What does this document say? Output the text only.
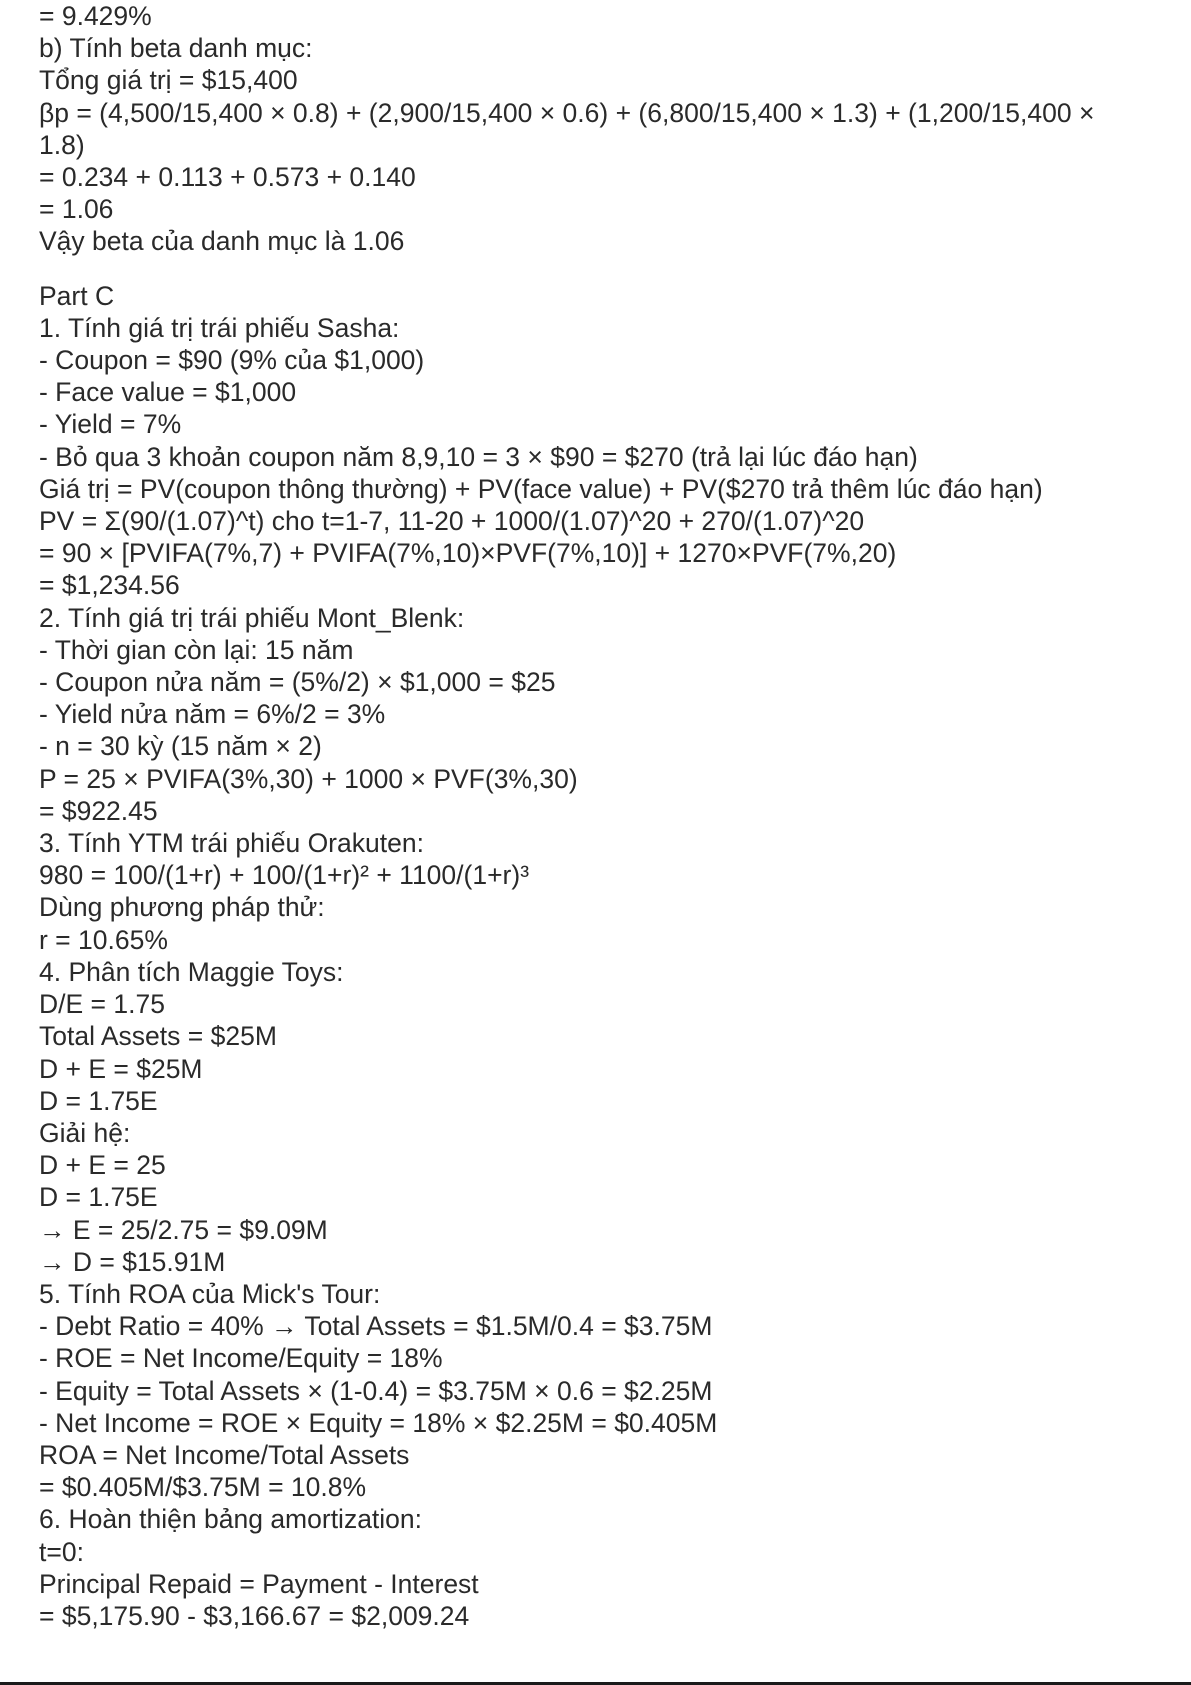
= 9.429%
b) Tính beta danh mục:
Tổng giá trị = $15,400
βp = (4,500/15,400 × 0.8) + (2,900/15,400 × 0.6) + (6,800/15,400 × 1.3) + (1,200/15,400 ×
1.8)
= 0.234 + 0.113 + 0.573 + 0.140
= 1.06
Vậy beta của danh mục là 1.06
Part C
1. Tính giá trị trái phiếu Sasha:
- Coupon = $90 (9% của $1,000)
- Face value = $1,000
- Yield = 7%
- Bỏ qua 3 khoản coupon năm 8,9,10 = 3 × $90 = $270 (trả lại lúc đáo hạn)
Giá trị = PV(coupon thông thường) + PV(face value) + PV($270 trả thêm lúc đáo hạn)
PV = Σ(90/(1.07)^t) cho t=1-7, 11-20 + 1000/(1.07)^20 + 270/(1.07)^20
= 90 × [PVIFA(7%,7) + PVIFA(7%,10)×PVF(7%,10)] + 1270×PVF(7%,20)
= $1,234.56
2. Tính giá trị trái phiếu Mont_Blenk:
- Thời gian còn lại: 15 năm
- Coupon nửa năm = (5%/2) × $1,000 = $25
- Yield nửa năm = 6%/2 = 3%
- n = 30 kỳ (15 năm × 2)
P = 25 × PVIFA(3%,30) + 1000 × PVF(3%,30)
= $922.45
3. Tính YTM trái phiếu Orakuten:
980 = 100/(1+r) + 100/(1+r)² + 1100/(1+r)³
Dùng phương pháp thử:
r = 10.65%
4. Phân tích Maggie Toys:
D/E = 1.75
Total Assets = $25M
D + E = $25M
D = 1.75E
Giải hệ:
D + E = 25
D = 1.75E
→ E = 25/2.75 = $9.09M
→ D = $15.91M
5. Tính ROA của Mick's Tour:
- Debt Ratio = 40% → Total Assets = $1.5M/0.4 = $3.75M
- ROE = Net Income/Equity = 18%
- Equity = Total Assets × (1-0.4) = $3.75M × 0.6 = $2.25M
- Net Income = ROE × Equity = 18% × $2.25M = $0.405M
ROA = Net Income/Total Assets
= $0.405M/$3.75M = 10.8%
6. Hoàn thiện bảng amortization:
t=0:
Principal Repaid = Payment - Interest
= $5,175.90 - $3,166.67 = $2,009.24
